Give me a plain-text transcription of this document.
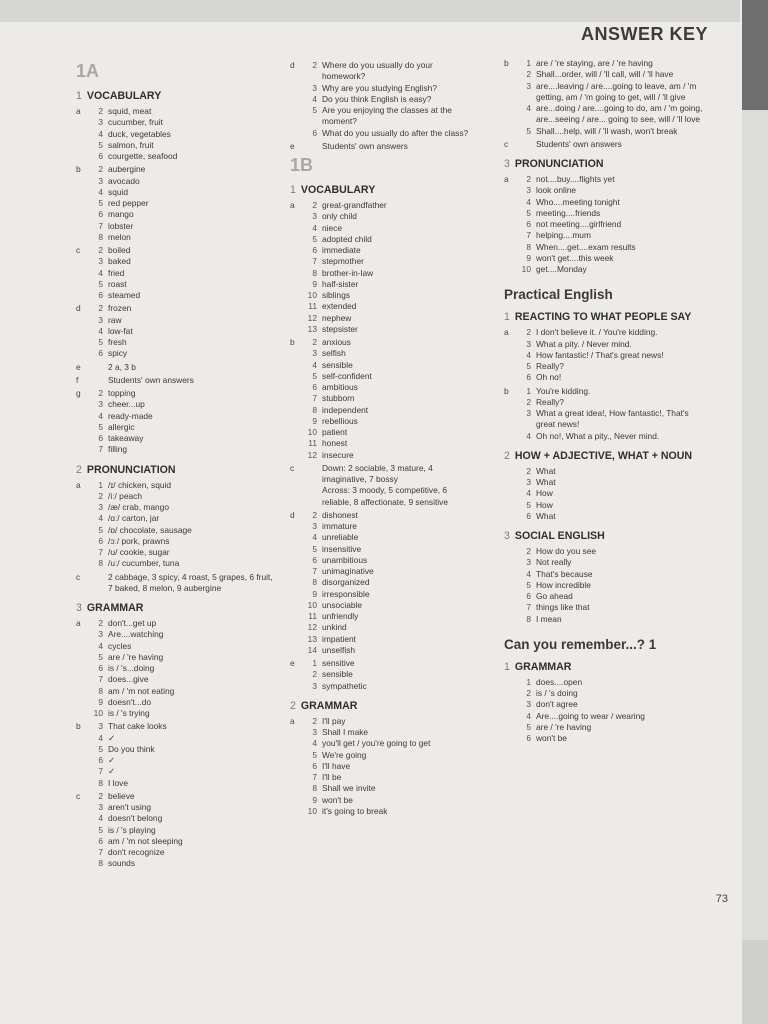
ANSWER KEY
1A
1 VOCABULARY
a	2 squid, meat
3 cucumber, fruit
4 duck, vegetables
5 salmon, fruit
6 courgette, seafood
b	2 aubergine
3 avocado
4 squid
5 red pepper
6 mango
7 lobster
8 melon
c	2 boiled
3 baked
4 fried
5 roast
6 steamed
d	2 frozen
3 raw
4 low-fat
5 fresh
6 spicy
e	2 a, 3 b
f	Students' own answers
g	2 topping
3 cheer...up
4 ready-made
5 allergic
6 takeaway
7 filling
2 PRONUNCIATION
a	1 /ɪ/ chicken, squid
2 /iː/ peach
3 /æ/ crab, mango
4 /ɑː/ carton, jar
5 /ɒ/ chocolate, sausage
6 /ɔː/ pork, prawns
7 /ʊ/ cookie, sugar
8 /uː/ cucumber, tuna
c	2 cabbage, 3 spicy, 4 roast, 5 grapes, 6 fruit, 7 baked, 8 melon, 9 aubergine
3 GRAMMAR
a	2 don't...get up
3 Are....watching
4 cycles
5 are / 're having
6 is / 's...doing
7 does...give
8 am / 'm not eating
9 doesn't...do
10 is / 's trying
b	3 That cake looks
4 ✓
5 Do you think
6 ✓
7 ✓
8 I love
c	2 believe
3 aren't using
4 doesn't belong
5 is / 's playing
6 am / 'm not sleeping
7 don't recognize
8 sounds
d	2 Where do you usually do your homework?
3 Why are you studying English?
4 Do you think English is easy?
5 Are you enjoying the classes at the moment?
6 What do you usually do after the class?
e	Students' own answers
1B
1 VOCABULARY
a	2 great-grandfather
3 only child
4 niece
5 adopted child
6 immediate
7 stepmother
8 brother-in-law
9 half-sister
10 siblings
11 extended
12 nephew
13 stepsister
b	2 anxious
3 selfish
4 sensible
5 self-confident
6 ambitious
7 stubborn
8 independent
9 rebellious
10 patient
11 honest
12 insecure
c	Down: 2 sociable, 3 mature, 4 imaginative, 7 bossy
Across: 3 moody, 5 competitive, 6 reliable, 8 affectionate, 9 sensitive
d	2 dishonest
3 immature
4 unreliable
5 insensitive
6 unambitious
7 unimaginative
8 disorganized
9 irresponsible
10 unsociable
11 unfriendly
12 unkind
13 impatient
14 unselfish
e	1 sensitive
2 sensible
3 sympathetic
2 GRAMMAR
a	2 I'll pay
3 Shall I make
4 you'll get / you're going to get
5 We're going
6 I'll have
7 I'll be
8 Shall we invite
9 won't be
10 it's going to break
b	1 are / 're staying, are / 're having
2 Shall...order, will / 'll call, will / 'll have
3 are....leaving / are....going to leave, am / 'm getting, am / 'm going to get, will / 'll give
4 are...doing / are....going to do, am / 'm going, are...seeing / are... going to see, will / 'll love
5 Shall....help, will / 'll wash, won't break
c	Students' own answers
3 PRONUNCIATION
a	2 not....buy....flights yet
3 look online
4 Who....meeting tonight
5 meeting....friends
6 not meeting....girlfriend
7 helping....mum
8 When....get....exam results
9 won't get....this week
10 get....Monday
Practical English
1 REACTING TO WHAT PEOPLE SAY
a	2 I don't believe it. / You're kidding.
3 What a pity. / Never mind.
4 How fantastic! / That's great news!
5 Really?
6 Oh no!
b	1 You're kidding.
2 Really?
3 What a great idea!, How fantastic!, That's great news!
4 Oh no!, What a pity., Never mind.
2 HOW + ADJECTIVE, WHAT + NOUN
2 What
3 What
4 How
5 How
6 What
3 SOCIAL ENGLISH
2 How do you see
3 Not really
4 That's because
5 How incredible
6 Go ahead
7 things like that
8 I mean
Can you remember...? 1
1 GRAMMAR
1 does....open
2 is / 's doing
3 don't agree
4 Are....going to wear / wearing
5 are / 're having
6 won't be
73
